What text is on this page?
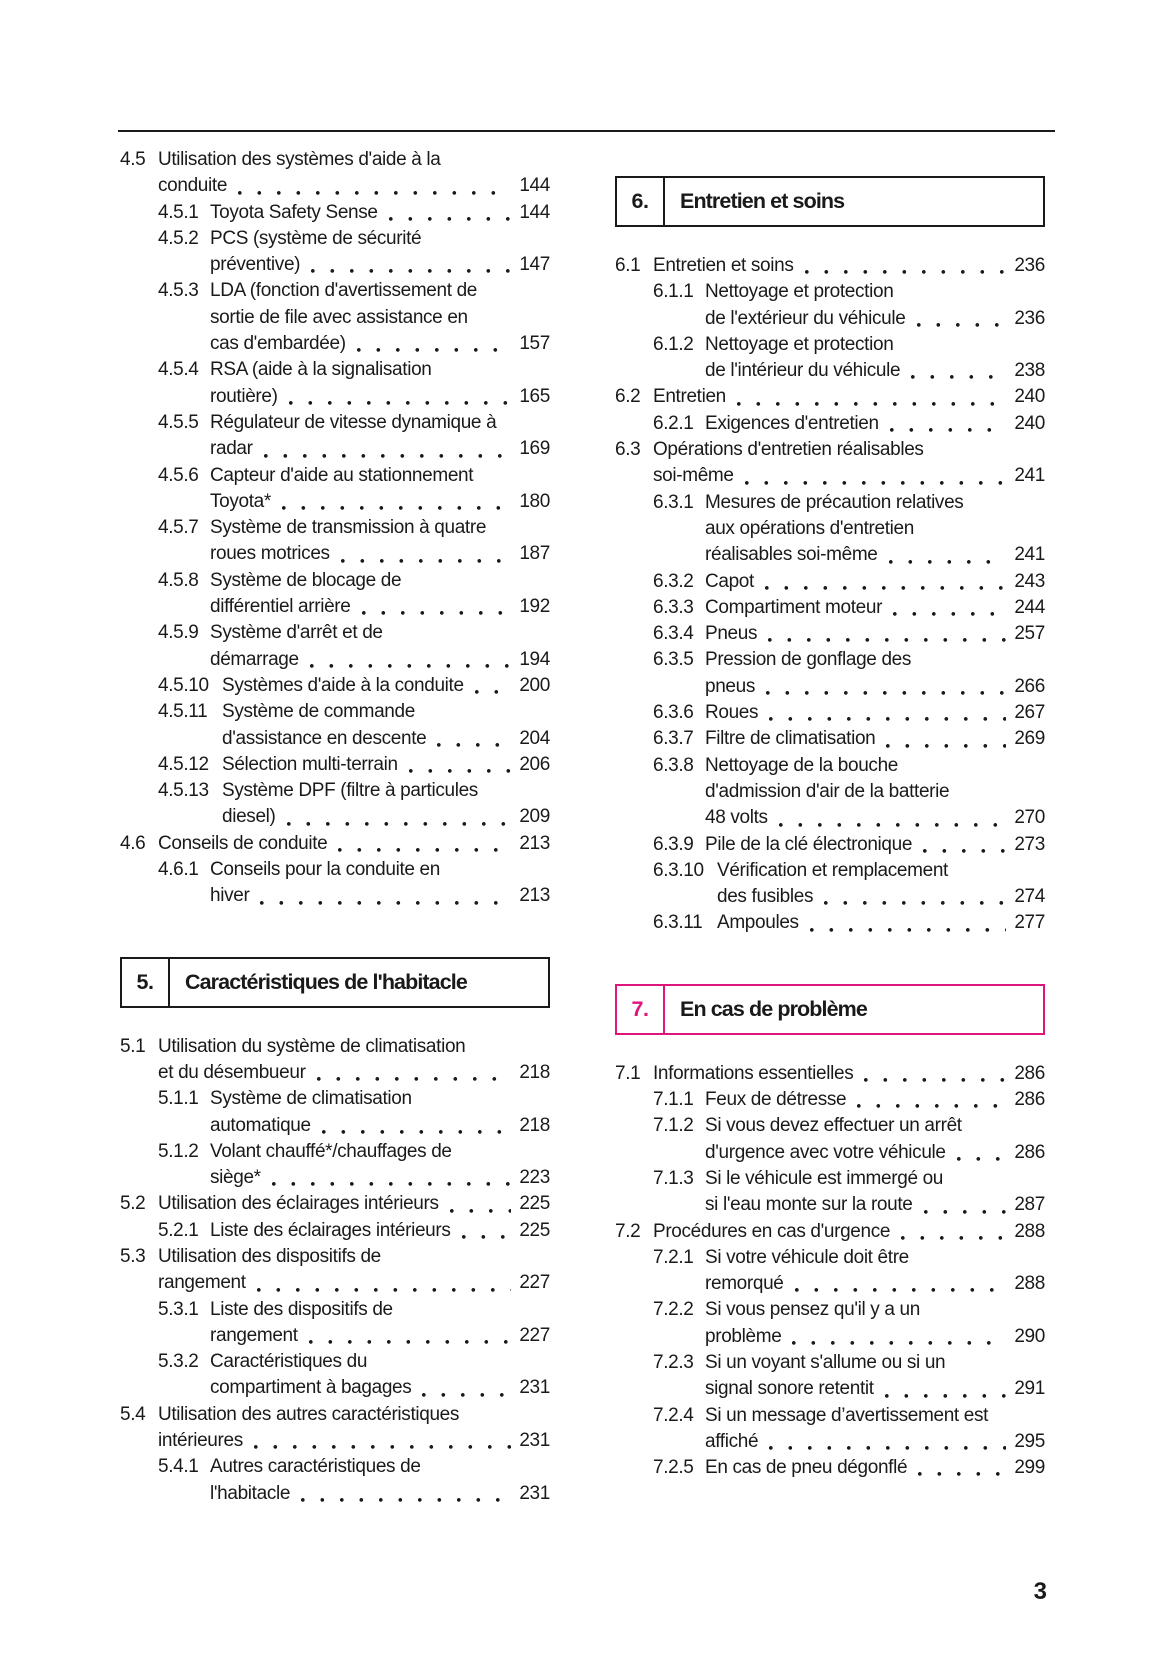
4.5 Utilisation des systèmes d'aide à la
conduite	144
4.5.1 Toyota Safety Sense	144
4.5.2 PCS (système de sécurité
préventive)	147
4.5.3 LDA (fonction d'avertissement de
sortie de file avec assistance en
cas d'embardée)	157
4.5.4 RSA (aide à la signalisation
routière)	165
4.5.5 Régulateur de vitesse dynamique à
radar	169
4.5.6 Capteur d'aide au stationnement
Toyota*	180
4.5.7 Système de transmission à quatre
roues motrices	187
4.5.8 Système de blocage de
différentiel arrière	192
4.5.9 Système d'arrêt et de
démarrage	194
4.5.10 Systèmes d'aide à la conduite	200
4.5.11 Système de commande
d'assistance en descente	204
4.5.12 Sélection multi-terrain	206
4.5.13 Système DPF (filtre à particules
diesel)	209
4.6 Conseils de conduite	213
4.6.1 Conseils pour la conduite en
hiver	213
5.	Caractéristiques de l'habitacle
5.1 Utilisation du système de climatisation
et du désembueur	218
5.1.1 Système de climatisation
automatique	218
5.1.2 Volant chauffé*/chauffages de
siège*	223
5.2 Utilisation des éclairages intérieurs	225
5.2.1 Liste des éclairages intérieurs	225
5.3 Utilisation des dispositifs de
rangement	227
5.3.1 Liste des dispositifs de
rangement	227
5.3.2 Caractéristiques du
compartiment à bagages	231
5.4 Utilisation des autres caractéristiques
intérieures	231
5.4.1 Autres caractéristiques de
l'habitacle	231
6.	Entretien et soins
6.1 Entretien et soins	236
6.1.1 Nettoyage et protection
de l'extérieur du véhicule	236
6.1.2 Nettoyage et protection
de l'intérieur du véhicule	238
6.2 Entretien	240
6.2.1 Exigences d'entretien	240
6.3 Opérations d'entretien réalisables
soi-même	241
6.3.1 Mesures de précaution relatives
aux opérations d'entretien
réalisables soi-même	241
6.3.2 Capot	243
6.3.3 Compartiment moteur	244
6.3.4 Pneus	257
6.3.5 Pression de gonflage des
pneus	266
6.3.6 Roues	267
6.3.7 Filtre de climatisation	269
6.3.8 Nettoyage de la bouche
d'admission d'air de la batterie
48 volts	270
6.3.9 Pile de la clé électronique	273
6.3.10 Vérification et remplacement
des fusibles	274
6.3.11 Ampoules	277
7.	En cas de problème
7.1 Informations essentielles	286
7.1.1 Feux de détresse	286
7.1.2 Si vous devez effectuer un arrêt
d'urgence avec votre véhicule	286
7.1.3 Si le véhicule est immergé ou
si l'eau monte sur la route	287
7.2 Procédures en cas d'urgence	288
7.2.1 Si votre véhicule doit être
remorqué	288
7.2.2 Si vous pensez qu'il y a un
problème	290
7.2.3 Si un voyant s'allume ou si un
signal sonore retentit	291
7.2.4 Si un message d’avertissement est
affiché	295
7.2.5 En cas de pneu dégonflé	299
3
